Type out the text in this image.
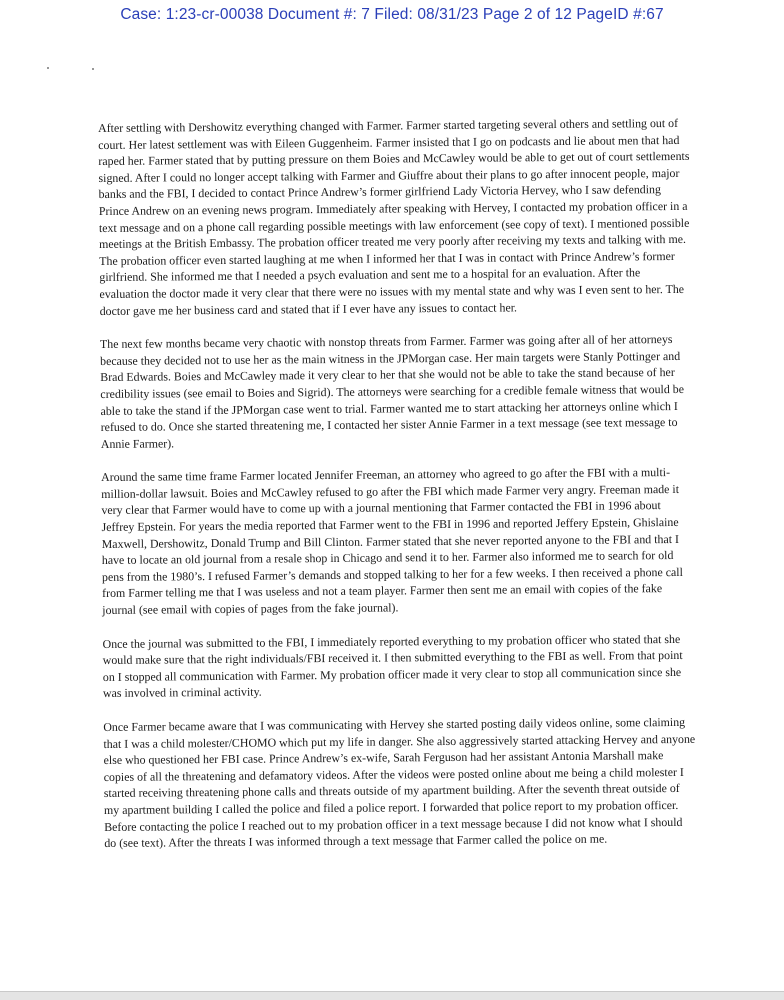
Case: 1:23-cr-00038 Document #: 7 Filed: 08/31/23 Page 2 of 12 PageID #:67

After settling with Dershowitz everything changed with Farmer. Farmer started targeting several others and settling out of court. Her latest settlement was with Eileen Guggenheim. Farmer insisted that I go on podcasts and lie about men that had raped her. Farmer stated that by putting pressure on them Boies and McCawley would be able to get out of court settlements signed. After I could no longer accept talking with Farmer and Giuffre about their plans to go after innocent people, major banks and the FBI, I decided to contact Prince Andrew’s former girlfriend Lady Victoria Hervey, who I saw defending Prince Andrew on an evening news program. Immediately after speaking with Hervey, I contacted my probation officer in a text message and on a phone call regarding possible meetings with law enforcement (see copy of text). I mentioned possible meetings at the British Embassy. The probation officer treated me very poorly after receiving my texts and talking with me. The probation officer even started laughing at me when I informed her that I was in contact with Prince Andrew’s former girlfriend. She informed me that I needed a psych evaluation and sent me to a hospital for an evaluation. After the evaluation the doctor made it very clear that there were no issues with my mental state and why was I even sent to her. The doctor gave me her business card and stated that if I ever have any issues to contact her.

The next few months became very chaotic with nonstop threats from Farmer. Farmer was going after all of her attorneys because they decided not to use her as the main witness in the JPMorgan case. Her main targets were Stanly Pottinger and Brad Edwards. Boies and McCawley made it very clear to her that she would not be able to take the stand because of her credibility issues (see email to Boies and Sigrid). The attorneys were searching for a credible female witness that would be able to take the stand if the JPMorgan case went to trial. Farmer wanted me to start attacking her attorneys online which I refused to do. Once she started threatening me, I contacted her sister Annie Farmer in a text message (see text message to Annie Farmer).

Around the same time frame Farmer located Jennifer Freeman, an attorney who agreed to go after the FBI with a multi-million-dollar lawsuit. Boies and McCawley refused to go after the FBI which made Farmer very angry. Freeman made it very clear that Farmer would have to come up with a journal mentioning that Farmer contacted the FBI in 1996 about Jeffrey Epstein. For years the media reported that Farmer went to the FBI in 1996 and reported Jeffery Epstein, Ghislaine Maxwell, Dershowitz, Donald Trump and Bill Clinton. Farmer stated that she never reported anyone to the FBI and that I have to locate an old journal from a resale shop in Chicago and send it to her. Farmer also informed me to search for old pens from the 1980’s. I refused Farmer’s demands and stopped talking to her for a few weeks. I then received a phone call from Farmer telling me that I was useless and not a team player. Farmer then sent me an email with copies of the fake journal (see email with copies of pages from the fake journal).

Once the journal was submitted to the FBI, I immediately reported everything to my probation officer who stated that she would make sure that the right individuals/FBI received it. I then submitted everything to the FBI as well. From that point on I stopped all communication with Farmer. My probation officer made it very clear to stop all communication since she was involved in criminal activity.

Once Farmer became aware that I was communicating with Hervey she started posting daily videos online, some claiming that I was a child molester/CHOMO which put my life in danger. She also aggressively started attacking Hervey and anyone else who questioned her FBI case. Prince Andrew’s ex-wife, Sarah Ferguson had her assistant Antonia Marshall make copies of all the threatening and defamatory videos. After the videos were posted online about me being a child molester I started receiving threatening phone calls and threats outside of my apartment building. After the seventh threat outside of my apartment building I called the police and filed a police report. I forwarded that police report to my probation officer. Before contacting the police I reached out to my probation officer in a text message because I did not know what I should do (see text). After the threats I was informed through a text message that Farmer called the police on me.
